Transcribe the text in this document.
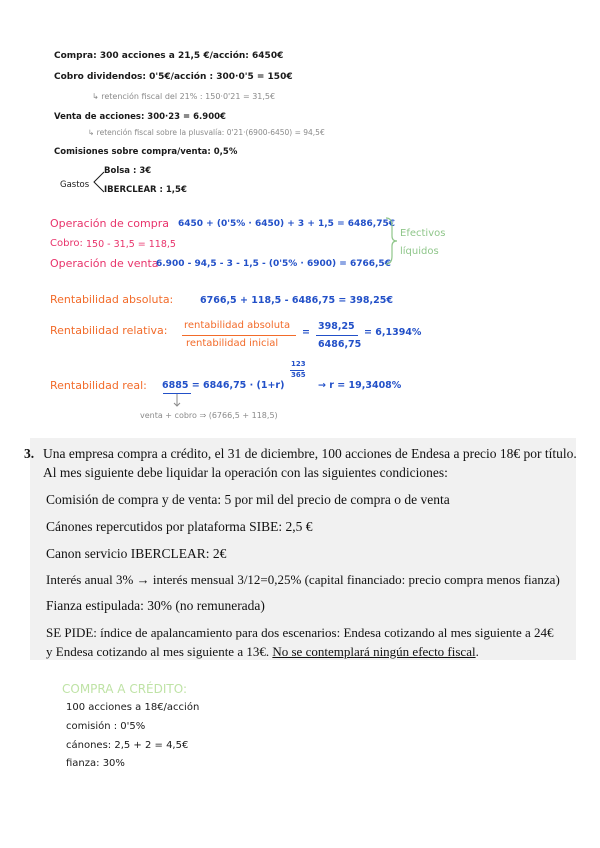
Compra: 300 acciones a 21,5 €/acción: 6450€
Cobro dividendos: 0'5€/acción : 300·0'5 = 150€
↳ retención fiscal del 21% : 150·0'21 = 31,5€
Venta de acciones: 300·23 = 6.900€
↳ retención fiscal sobre la plusvalía: 0'21·(6900-6450) = 94,5€
Comisiones sobre compra/venta: 0,5%
Gastos
Bolsa : 3€
IBERCLEAR : 1,5€
Operación de compra 6450 + (0'5% · 6450) + 3 + 1,5 = 6486,75€
Cobro: 150 - 31,5 = 118,5
Operación de venta
6.900 - 94,5 - 3 - 1,5 - (0'5% · 6900) = 6766,5€
Efectivos
líquidos
Rentabilidad absoluta:	6766,5 + 118,5 - 6486,75 = 398,25€
Rentabilidad relativa: rentabilidad absoluta
rentabilidad inicial
=
398,25
6486,75
= 6,1394%
Rentabilidad real: 6885 = 6846,75 · (1+r)
123
365
→ r = 19,3408%
venta + cobro ⇒ (6766,5 + 118,5)
3. Una empresa compra a crédito, el 31 de diciembre, 100 acciones de Endesa a precio 18€ por título.
Al mes siguiente debe liquidar la operación con las siguientes condiciones:
Comisión de compra y de venta: 5 por mil del precio de compra o de venta
Cánones repercutidos por plataforma SIBE: 2,5 €
Canon servicio IBERCLEAR: 2€
Interés anual 3% → interés mensual 3/12=0,25% (capital financiado: precio compra menos fianza)
Fianza estipulada: 30% (no remunerada)
SE PIDE: índice de apalancamiento para dos escenarios: Endesa cotizando al mes siguiente a 24€
y Endesa cotizando al mes siguiente a 13€. No se contemplará ningún efecto fiscal.
COMPRA A CRÉDITO:
100 acciones a 18€/acción
comisión : 0'5%
cánones: 2,5 + 2 = 4,5€
fianza: 30%
